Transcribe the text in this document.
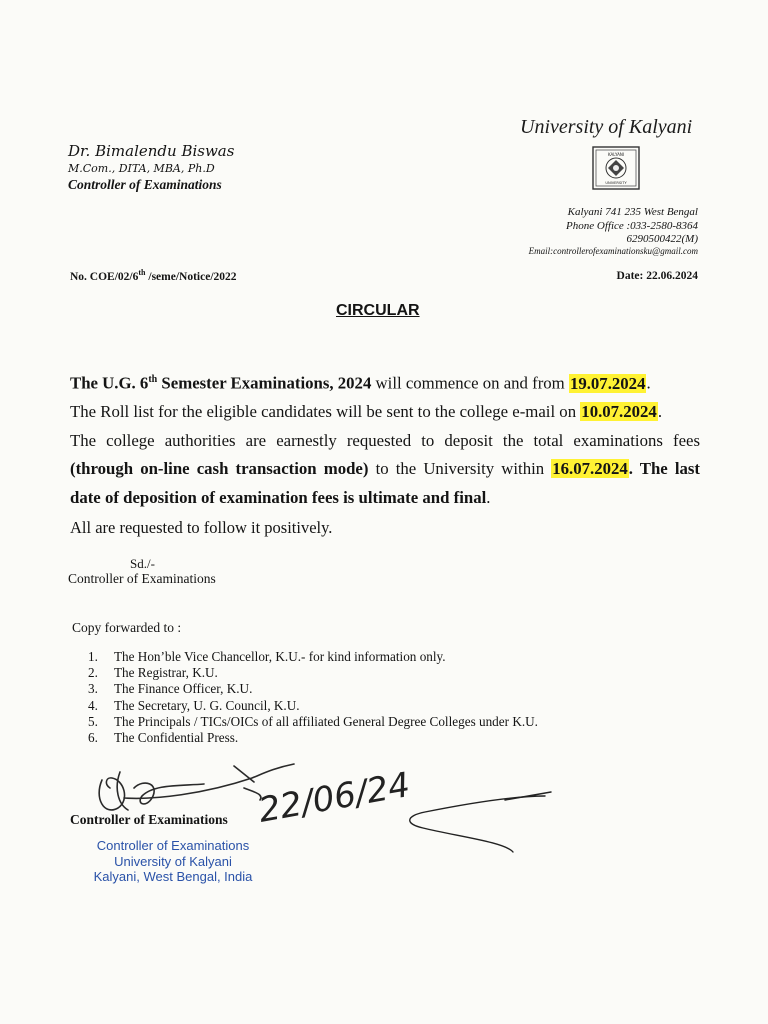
University of Kalyani
KALYANI
UNIVERSITY
Dr. Bimalendu Biswas
M.Com., DITA, MBA, Ph.D
Controller of Examinations
Kalyani 741 235 West Bengal
Phone Office :033-2580-8364
6290500422(M)
Email:controllerofexaminationsku@gmail.com
No. COE/02/6th /seme/Notice/2022	Date: 22.06.2024
CIRCULAR
The U.G. 6th Semester Examinations, 2024 will commence on and from 19.07.2024.
The Roll list for the eligible candidates will be sent to the college e-mail on 10.07.2024.
The college authorities are earnestly requested to deposit the total examinations fees (through on-line cash transaction mode) to the University within 16.07.2024. The last date of deposition of examination fees is ultimate and final.
All are requested to follow it positively.
Sd./-
Controller of Examinations
Copy forwarded to :
1.	The Hon’ble Vice Chancellor, K.U.- for kind information only.
2.	The Registrar, K.U.
3.	The Finance Officer, K.U.
4.	The Secretary, U. G. Council, K.U.
5.	The Principals / TICs/OICs of all affiliated General Degree Colleges under K.U.
6.	The Confidential Press.
22/06/24
Controller of Examinations
Controller of Examinations
University of Kalyani
Kalyani, West Bengal, India
